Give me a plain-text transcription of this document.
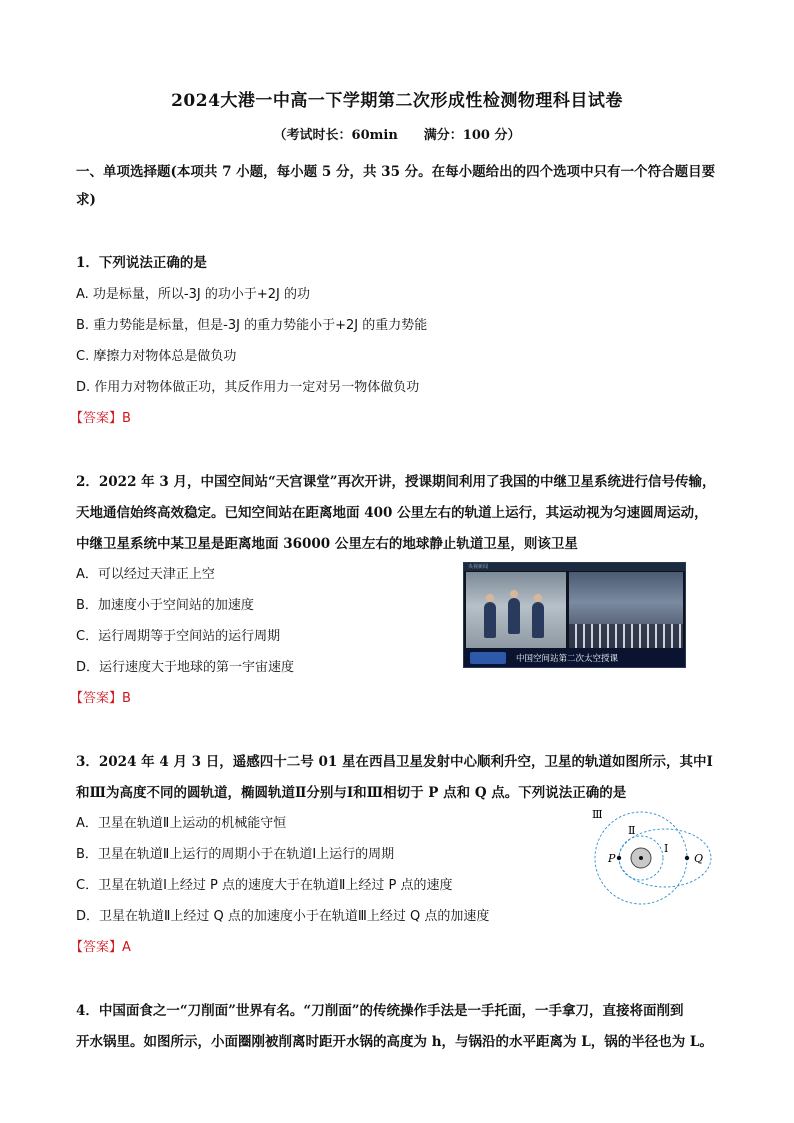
2024大港一中高一下学期第二次形成性检测物理科目试卷
（考试时长：60min　　满分：100 分）
一、单项选择题(本项共 7 小题，每小题 5 分，共 35 分。在每小题给出的四个选项中只有一个符合题目要
求)
1．下列说法正确的是
A. 功是标量，所以-3J 的功小于+2J 的功
B. 重力势能是标量，但是-3J 的重力势能小于+2J 的重力势能
C. 摩擦力对物体总是做负功
D. 作用力对物体做正功，其反作用力一定对另一物体做负功
【答案】B
2．2022 年 3 月，中国空间站“天宫课堂”再次开讲，授课期间利用了我国的中继卫星系统进行信号传输，
天地通信始终高效稳定。已知空间站在距离地面 400 公里左右的轨道上运行，其运动视为匀速圆周运动，
中继卫星系统中某卫星是距离地面 36000 公里左右的地球静止轨道卫星，则该卫星
A．可以经过天津正上空
B．加速度小于空间站的加速度
C．运行周期等于空间站的运行周期
D．运行速度大于地球的第一宇宙速度
【答案】B
央视新闻
中国空间站第二次太空授课
3．2024 年 4 月 3 日，遥感四十二号 01 星在西昌卫星发射中心顺利升空，卫星的轨道如图所示，其中Ⅰ
和Ⅲ为高度不同的圆轨道，椭圆轨道Ⅱ分别与Ⅰ和Ⅲ相切于 P 点和 Q 点。下列说法正确的是
A．卫星在轨道Ⅱ上运动的机械能守恒
B．卫星在轨道Ⅱ上运行的周期小于在轨道Ⅰ上运行的周期
C．卫星在轨道Ⅰ上经过 P 点的速度大于在轨道Ⅱ上经过 P 点的速度
D．卫星在轨道Ⅱ上经过 Q 点的加速度小于在轨道Ⅲ上经过 Q 点的加速度
【答案】A
Ⅲ
Ⅱ
Ⅰ
P	Q
4．中国面食之一“刀削面”世界有名。“刀削面”的传统操作手法是一手托面，一手拿刀，直接将面削到
开水锅里。如图所示，小面圈刚被削离时距开水锅的高度为 h，与锅沿的水平距离为 L，锅的半径也为 L。
